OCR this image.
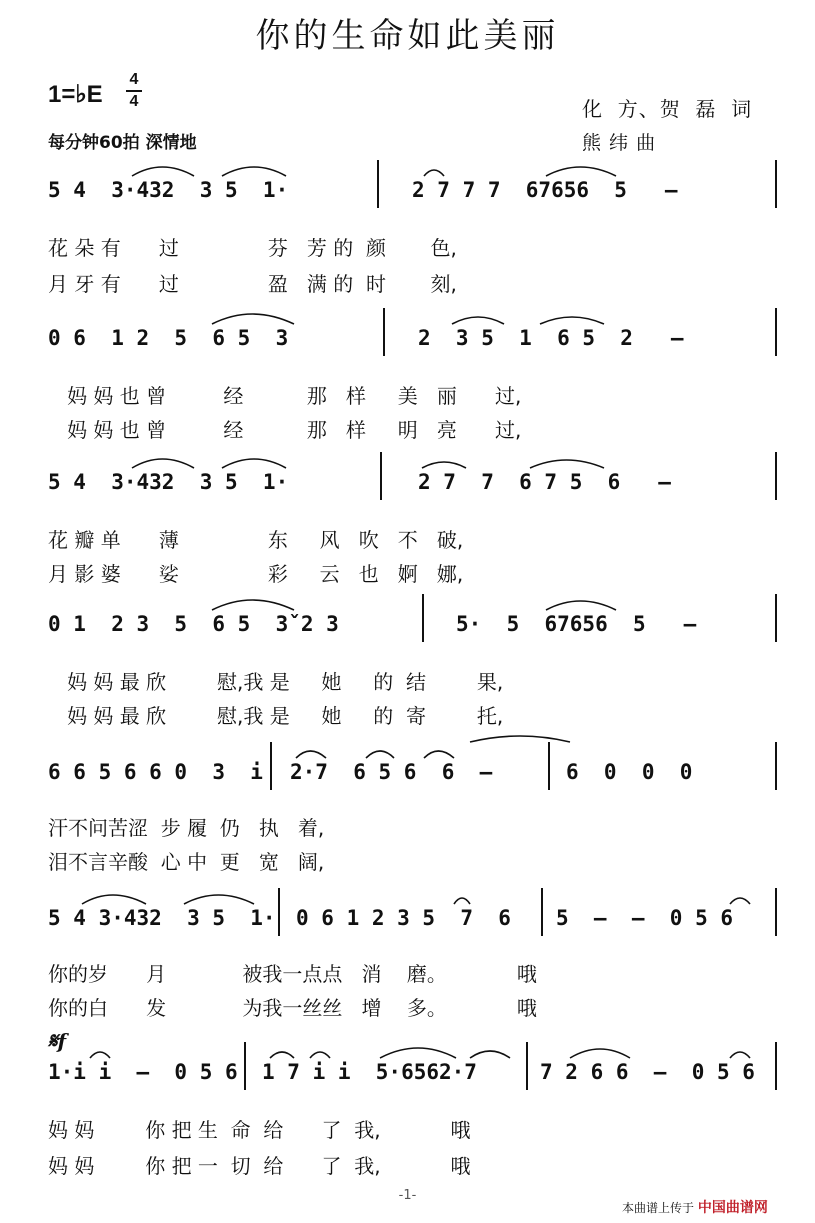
你的生命如此美丽
1=♭E
4
4
每分钟60拍 深情地
化  方、贺  磊  词
熊 纬 曲
5 4  3·432  3 5  1·	2 7 7 7  67656  5   –
花 朵 有      过              芬   芳 的  颜       色,
月 牙 有      过              盈   满 的  时       刻,
0 6  1 2  5  6 5  3	2  3 5  1  6 5  2   –
妈 妈 也 曾         经          那   样     美   丽      过,
妈 妈 也 曾         经          那   样     明   亮      过,
5 4  3·432  3 5  1·	2 7  7  6 7 5  6   –
花 瓣 单      薄              东     风   吹   不   破,
月 影 婆      娑              彩     云   也   婀   娜,
0 1  2 3  5  6 5  3ˇ2 3	5·  5  67656  5   –
妈 妈 最 欣        慰,我 是     她     的  结        果,
妈 妈 最 欣        慰,我 是     她     的  寄        托,
6 6 5 6 6 0  3  i 2·7  6 5 6  6  –	6  0  0  0
汗不问苦涩  步 履  仍   执   着,
泪不言辛酸  心 中  更   宽   阔,
5 4 3·432  3 5  1· 0 6 1 2 3 5  7  6 5  –  –  0 5 6
你的岁      月            被我一点点   消    磨。           哦
你的白      发            为我一丝丝   增    多。           哦
𝄋f
1·i i  –  0 5 6 1 7 i i  5·6562·7	7 2 6 6  –  0 5 6
妈 妈        你 把 生  命  给      了  我,           哦
妈 妈        你 把 一  切  给      了  我,           哦
-1-
本曲谱上传于 中国曲谱网
